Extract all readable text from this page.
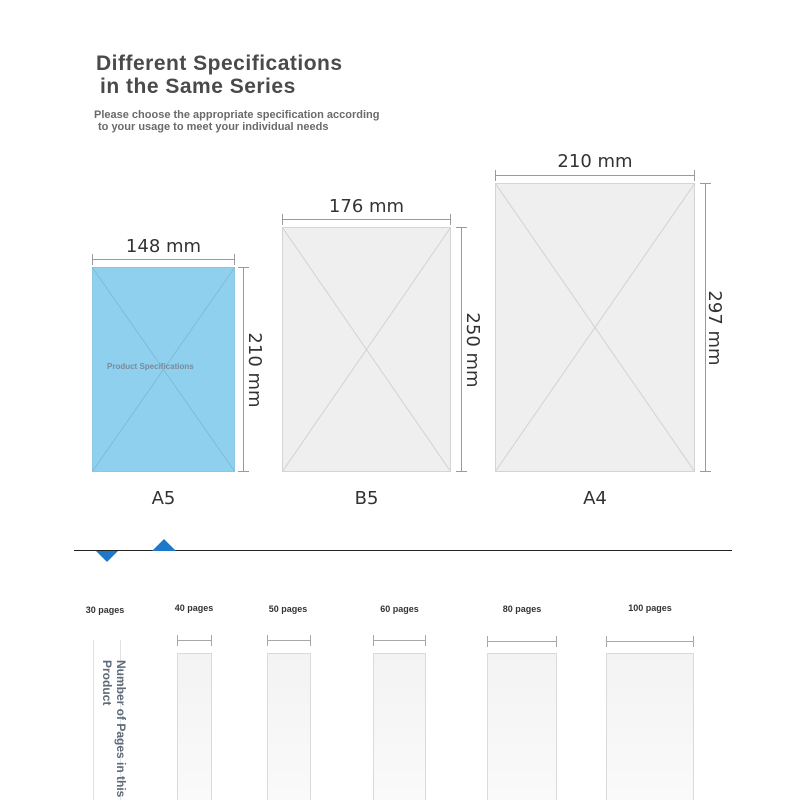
Different Specifications
in the Same Series
Please choose the appropriate specification according
to your usage to meet your individual needs
148 mm
Product Specifications	210 mm
A5
176 mm
250 mm
B5
210 mm
297 mm
A4
30 pages	40 pages	50 pages	60 pages	80 pages	100 pages
Number of Pages in this Product
